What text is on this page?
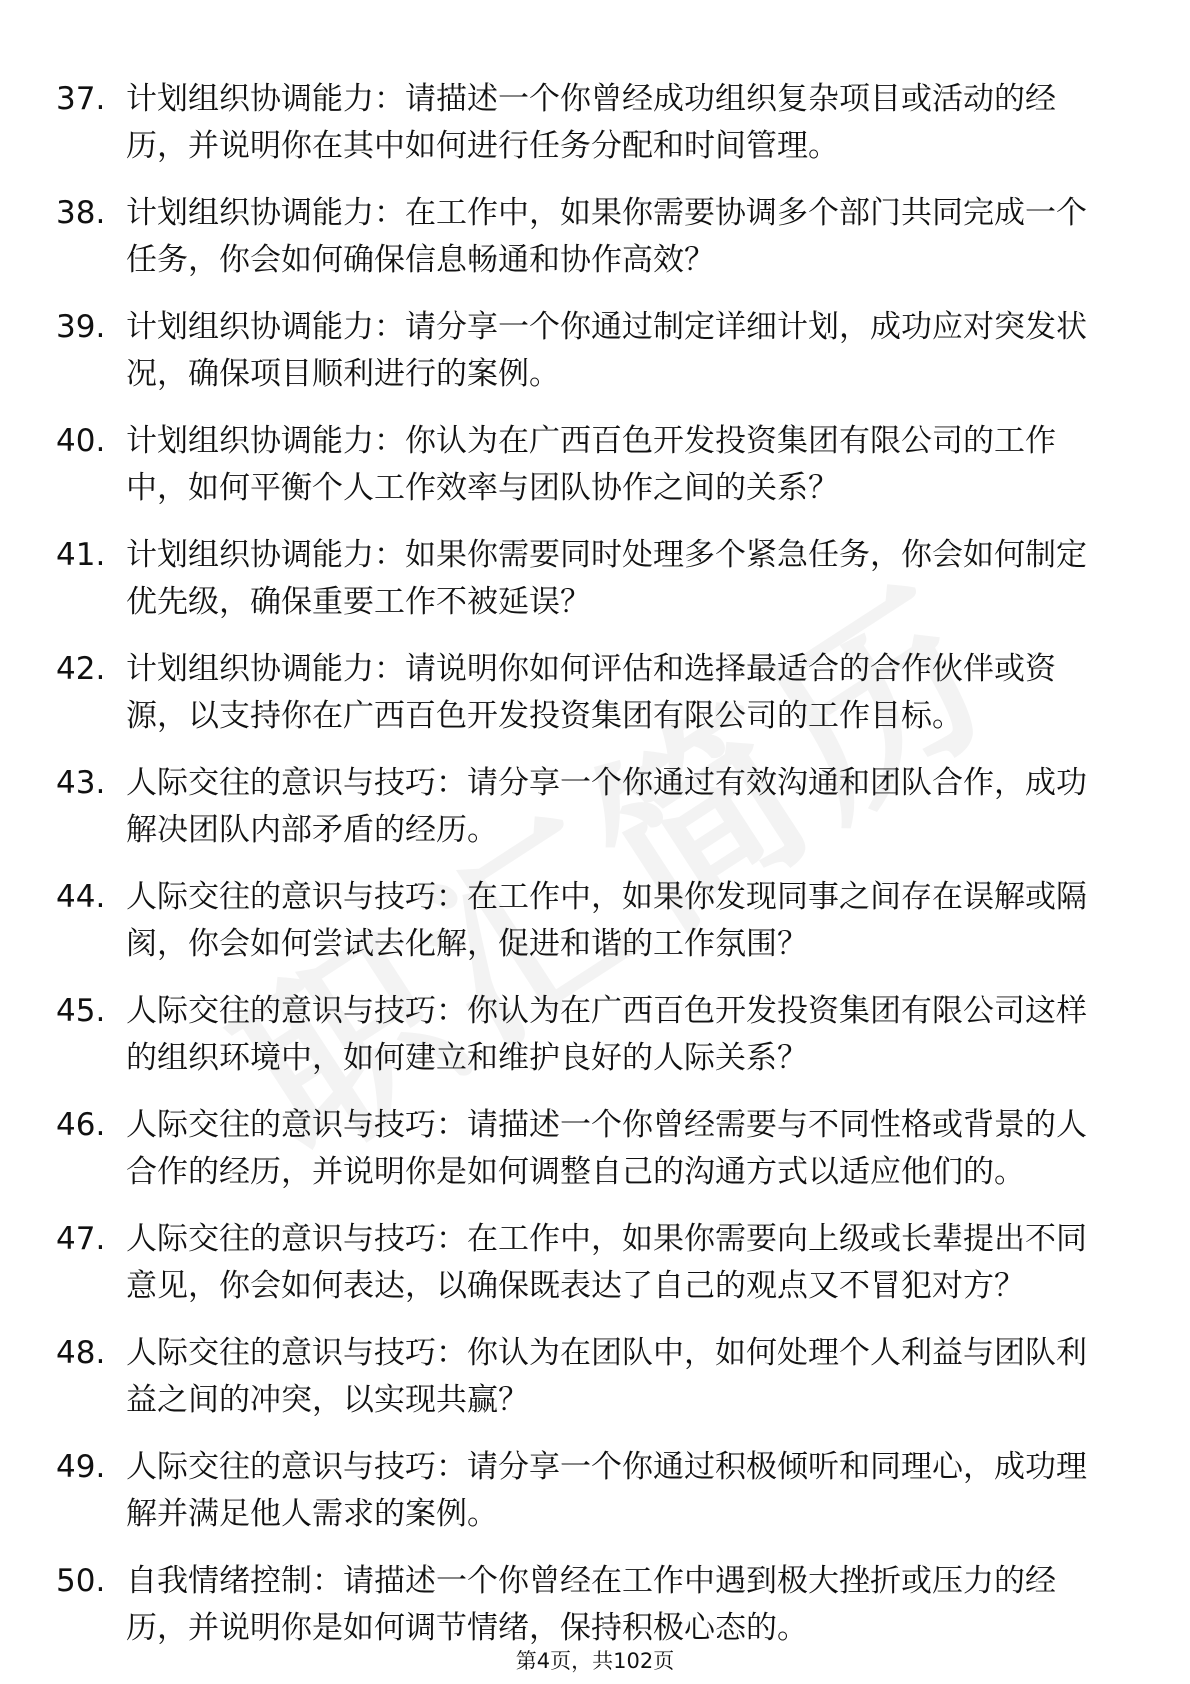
37. 计划组织协调能力：请描述一个你曾经成功组织复杂项目或活动的经历，并说明你在其中如何进行任务分配和时间管理。
38. 计划组织协调能力：在工作中，如果你需要协调多个部门共同完成一个任务，你会如何确保信息畅通和协作高效？
39. 计划组织协调能力：请分享一个你通过制定详细计划，成功应对突发状况，确保项目顺利进行的案例。
40. 计划组织协调能力：你认为在广西百色开发投资集团有限公司的工作中，如何平衡个人工作效率与团队协作之间的关系？
41. 计划组织协调能力：如果你需要同时处理多个紧急任务，你会如何制定优先级，确保重要工作不被延误？
42. 计划组织协调能力：请说明你如何评估和选择最适合的合作伙伴或资源，以支持你在广西百色开发投资集团有限公司的工作目标。
43. 人际交往的意识与技巧：请分享一个你通过有效沟通和团队合作，成功解决团队内部矛盾的经历。
44. 人际交往的意识与技巧：在工作中，如果你发现同事之间存在误解或隔阂，你会如何尝试去化解，促进和谐的工作氛围？
45. 人际交往的意识与技巧：你认为在广西百色开发投资集团有限公司这样的组织环境中，如何建立和维护良好的人际关系？
46. 人际交往的意识与技巧：请描述一个你曾经需要与不同性格或背景的人合作的经历，并说明你是如何调整自己的沟通方式以适应他们的。
47. 人际交往的意识与技巧：在工作中，如果你需要向上级或长辈提出不同意见，你会如何表达，以确保既表达了自己的观点又不冒犯对方？
48. 人际交往的意识与技巧：你认为在团队中，如何处理个人利益与团队利益之间的冲突，以实现共赢？
49. 人际交往的意识与技巧：请分享一个你通过积极倾听和同理心，成功理解并满足他人需求的案例。
50. 自我情绪控制：请描述一个你曾经在工作中遇到极大挫折或压力的经历，并说明你是如何调节情绪，保持积极心态的。
第4页，共102页
